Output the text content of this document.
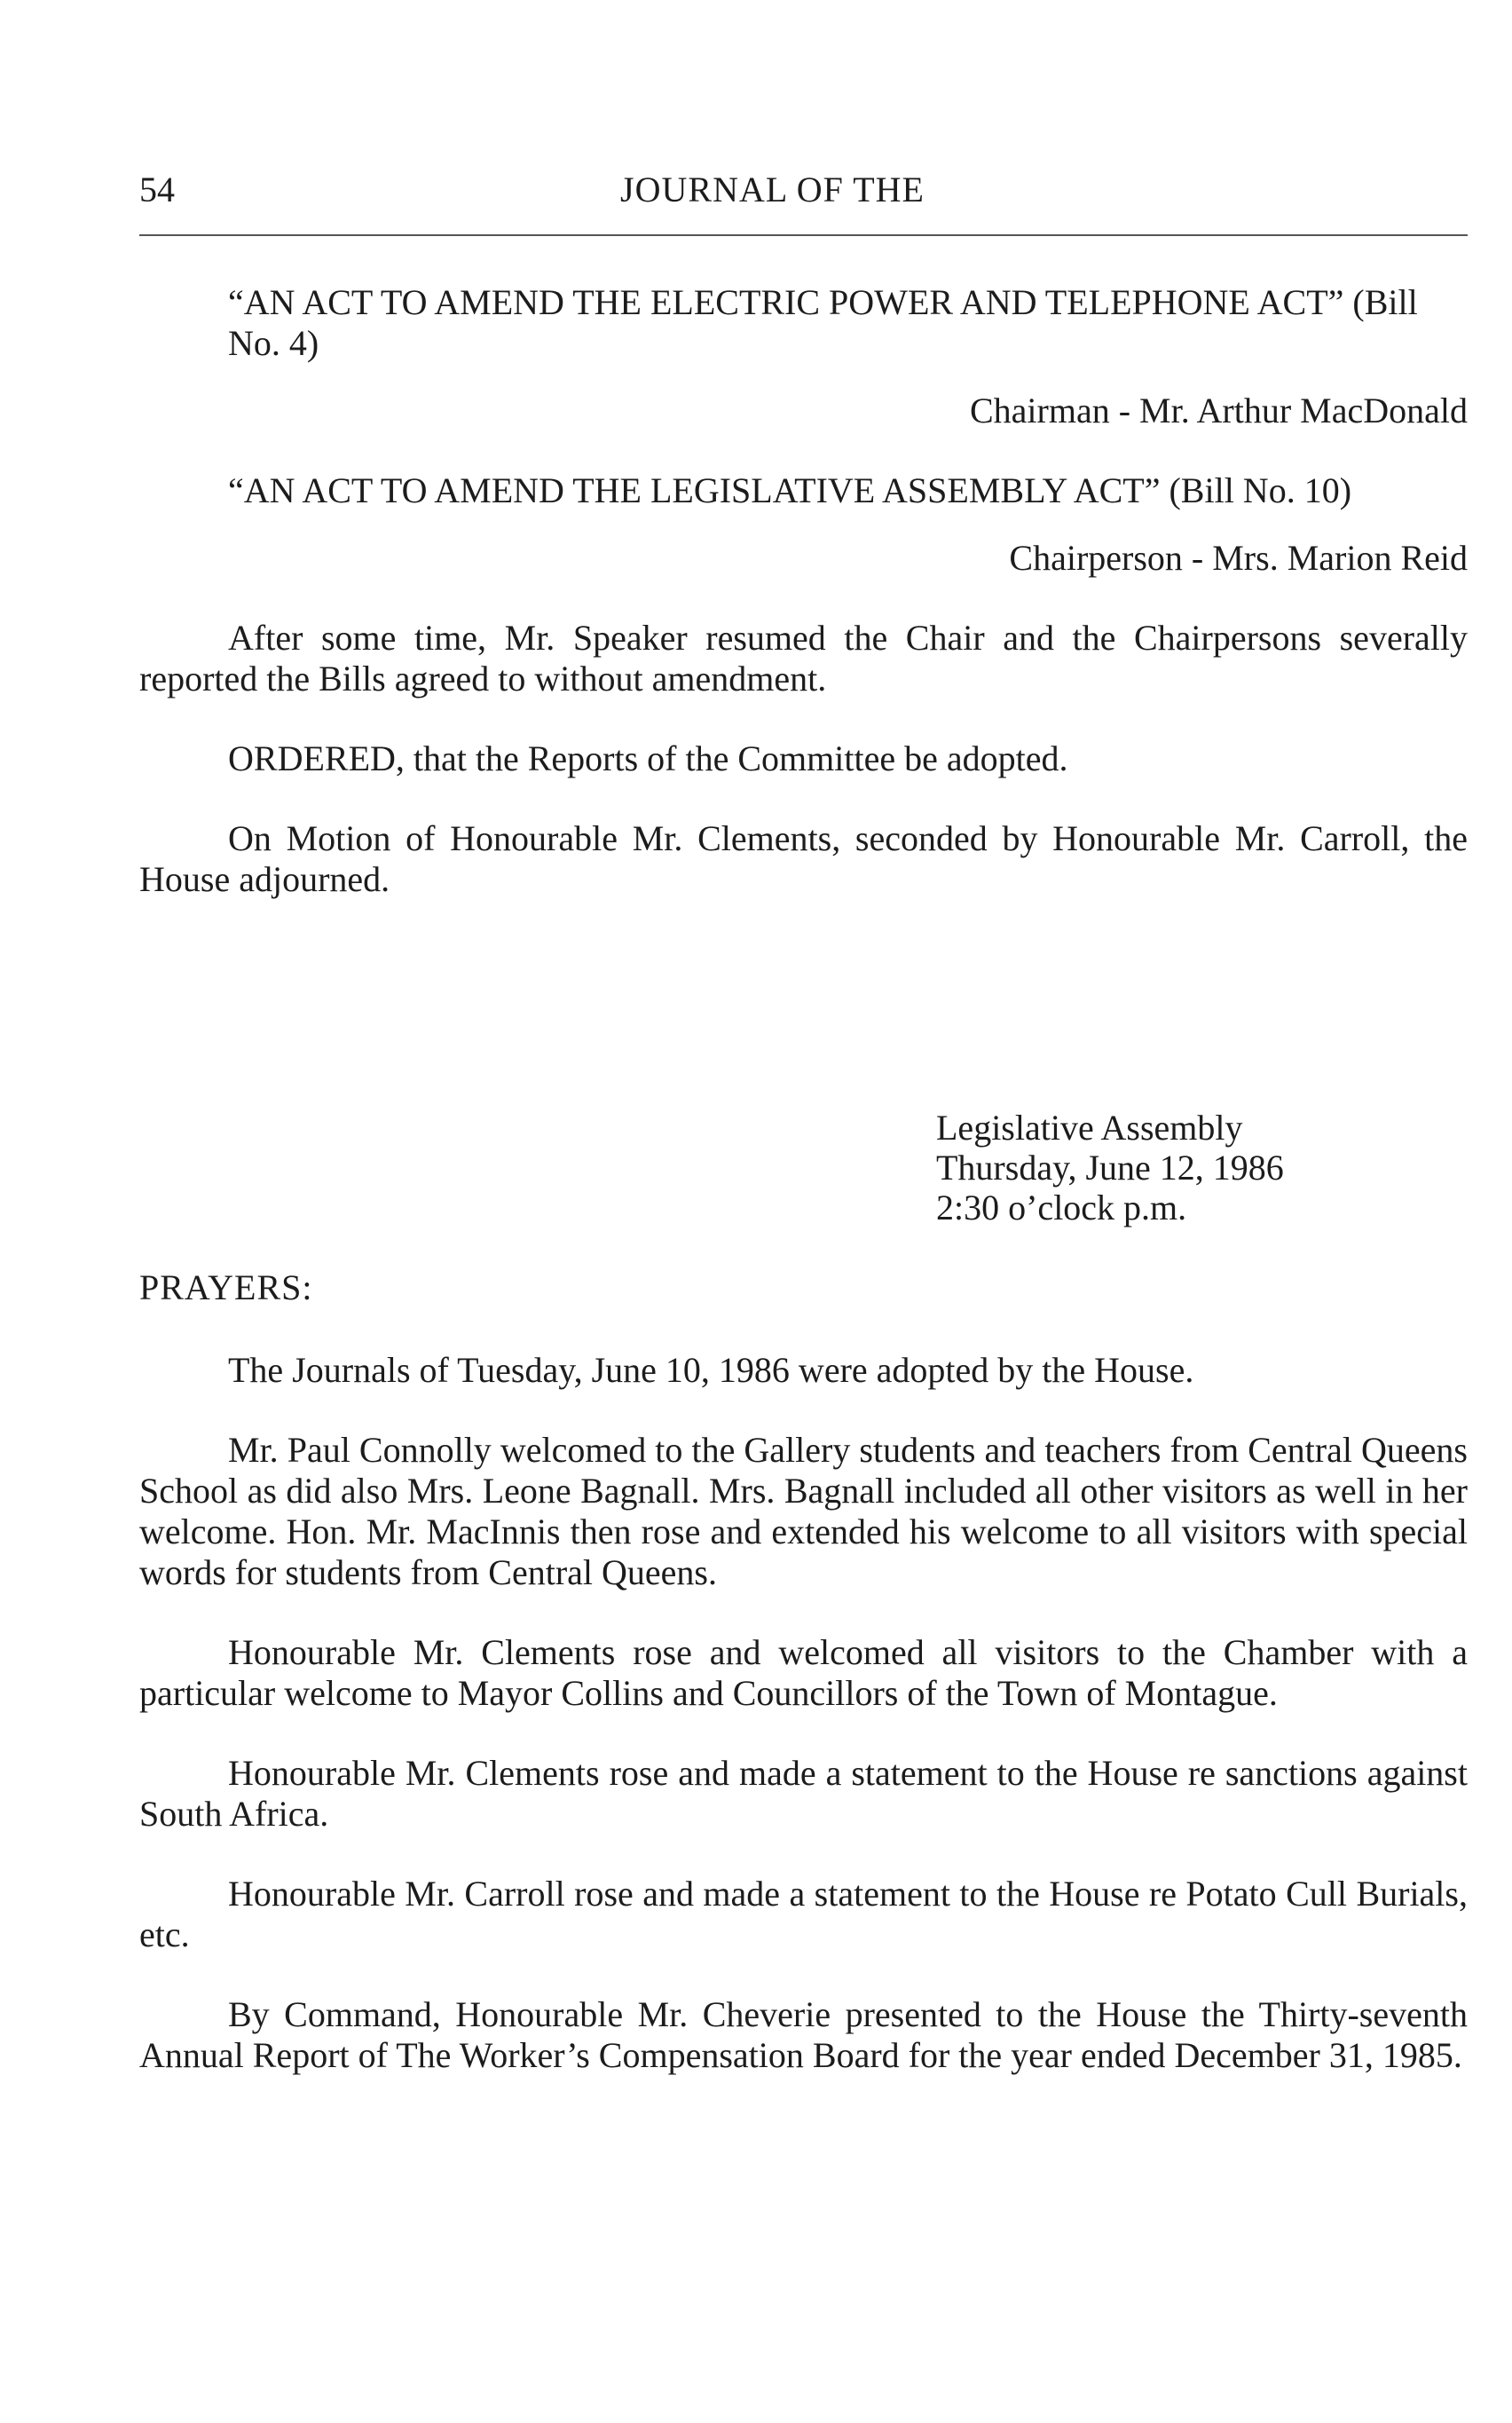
54	JOURNAL OF THE

“AN ACT TO AMEND THE ELECTRIC POWER AND TELEPHONE ACT” (Bill No. 4)

Chairman - Mr. Arthur MacDonald

“AN ACT TO AMEND THE LEGISLATIVE ASSEMBLY ACT” (Bill No. 10)

Chairperson - Mrs. Marion Reid

After some time, Mr. Speaker resumed the Chair and the Chairpersons severally reported the Bills agreed to without amendment.

ORDERED, that the Reports of the Committee be adopted.

On Motion of Honourable Mr. Clements, seconded by Honourable Mr. Carroll, the House adjourned.

Legislative Assembly
Thursday, June 12, 1986
2:30 o’clock p.m.
PRAYERS:

The Journals of Tuesday, June 10, 1986 were adopted by the House.

Mr. Paul Connolly welcomed to the Gallery students and teachers from Central Queens School as did also Mrs. Leone Bagnall. Mrs. Bagnall included all other visitors as well in her welcome. Hon. Mr. MacInnis then rose and extended his welcome to all visitors with special words for students from Central Queens.

Honourable Mr. Clements rose and welcomed all visitors to the Chamber with a particular welcome to Mayor Collins and Councillors of the Town of Montague.

Honourable Mr. Clements rose and made a statement to the House re sanctions against South Africa.

Honourable Mr. Carroll rose and made a statement to the House re Potato Cull Burials, etc.

By Command, Honourable Mr. Cheverie presented to the House the Thirty-seventh Annual Report of The Worker’s Compensation Board for the year ended December 31, 1985.
